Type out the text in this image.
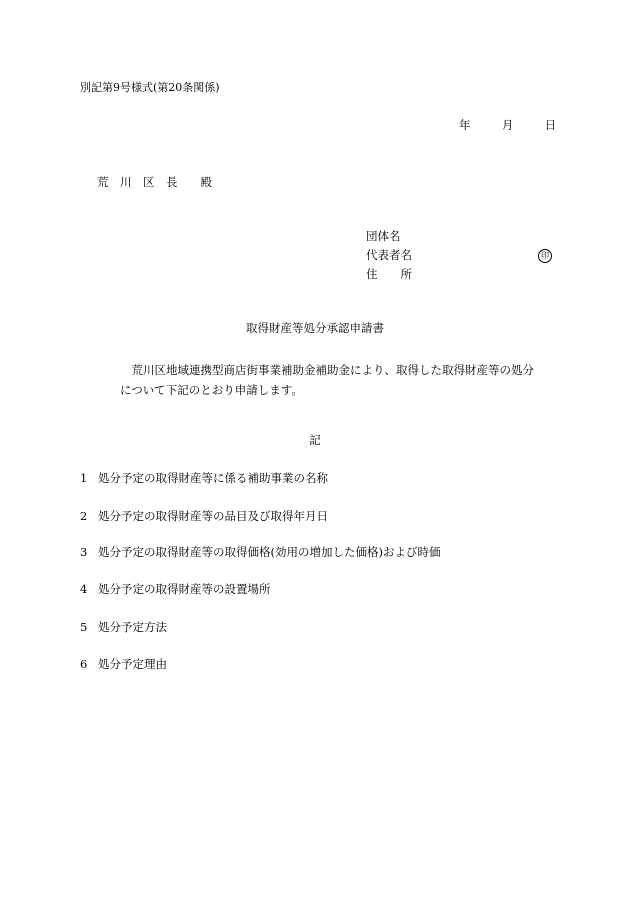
別記第9号様式(第20条関係)
年	月	日
荒　川　区　長　　殿
団体名
代表者名	印
住　　所
取得財産等処分承認申請書

荒川区地域連携型商店街事業補助金補助金により、取得した取得財産等の処分

について下記のとおり申請します。

記
1 処分予定の取得財産等に係る補助事業の名称
2 処分予定の取得財産等の品目及び取得年月日
3 処分予定の取得財産等の取得価格(効用の増加した価格)および時価
4 処分予定の取得財産等の設置場所
5 処分予定方法
6 処分予定理由
